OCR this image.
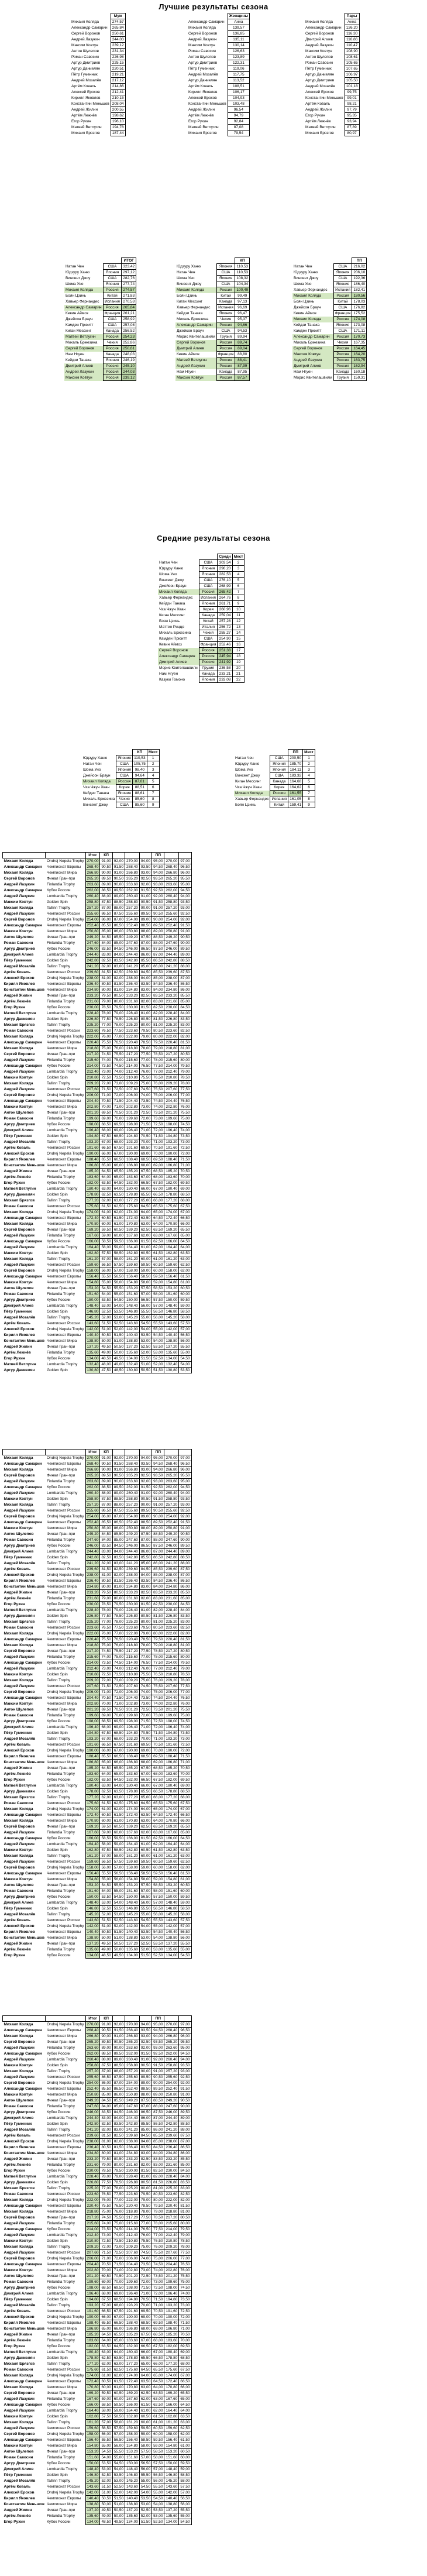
Лучшие результаты сезона
	Муж
Михаил Коляда	274,57
Александр Самарин	265,84
Сергей Воронов	250,61
Андрей Лазукин	244,03
Максим Ковтун	239,12
Антон Шулепов	231,34
Роман Савосин	226,98
Артур Дмитриев	225,15
Артур Даниелян	220,51
Пётр Гуменник	219,21
Андрей Мозалёв	217,12
Артём Коваль	214,86
Алексей Ерохов	212,41
Кирилл Яковлев	210,15
Константин Меньшов	208,04
Андрей Жилин	200,55
Артём Лежнёв	198,62
Егор Рухин	196,10
Матвей Ветлугин	194,78
Михаил Брязгов	187,44
	Женщины
Александр Самарин	Анна
Михаил Коляда	139,57
Сергей Воронов	136,85
Андрей Лазукин	135,11
Максим Ковтун	130,14
Роман Савосин	126,63
Антон Шулепов	123,89
Артур Дмитриев	122,31
Пётр Гуменник	119,06
Андрей Мозалёв	117,75
Артур Даниелян	113,52
Артём Коваль	108,51
Кирилл Яковлев	106,17
Алексей Ерохов	104,93
Константин Меньшов	103,48
Андрей Жилин	96,54
Артём Лежнёв	94,79
Егор Рухин	92,84
Матвей Ветлугин	87,08
Михаил Брязгов	79,54
	Пары
Михаил Коляда	Анна
Александр Самарин	126,20
Сергей Воронов	116,30
Дмитрий Алиев	116,86
Андрей Лазукин	110,47
Максим Ковтун	108,90
Антон Шулепов	108,61
Роман Савосин	105,65
Пётр Гуменник	107,65
Артур Даниелян	106,97
Артур Дмитриев	105,50
Андрей Мозалёв	101,18
Алексей Ерохов	99,75
Константин Меньшов	99,01
Артём Коваль	98,21
Андрей Жилин	97,79
Егор Рухин	95,35
Артём Лежнёв	93,94
Матвей Ветлугин	87,89
Михаил Брязгов	80,97
		ИТОГ
Натан Чен	США	323,42
Юдзуру Ханю	Япония	297,12
Винсент Джоу	США	282,76
Шома Уно	Япония	277,74
Михаил Коляда	Россия	274,57
Боян Цзинь	Китай	271,83
Хавьер Фернандес	Испания	270,53
Александр Самарин	Россия	265,84
Кевин Аймоз	Франция	261,21
Джейсон Браун	США	258,92
Камден Прюитт	США	257,08
Киган Мессинг	Канада	256,52
Матвей Ветлугин	Россия	254,23
Михаль Бржезина	Чехия	252,86
Сергей Воронов	Россия	250,61
Нам Нгуен	Канада	248,03
Кейдзи Танака	Япония	246,19
Дмитрий Алиев	Россия	245,10
Андрей Лазукин	Россия	244,03
Максим Ковтун	Россия	239,12
		КП
Юдзуру Ханю	Япония	110,53
Натан Чен	США	110,53
Шома Уно	Япония	108,32
Винсент Джоу	США	104,34
Михаил Коляда	Россия	100,49
Боян Цзинь	Китай	99,49
Киган Мессинг	Канада	97,13
Хавьер Фернандес	Испания	96,69
Кейдзи Танака	Япония	96,47
Михаль Бржезина	Чехия	95,37
Александр Самарин	Россия	94,66
Джейсон Браун	США	94,53
Морис Квителашвили	Грузия	89,94
Сергей Воронов	Россия	89,74
Дмитрий Алиев	Россия	89,04
Кевин Аймоз	Франция	88,80
Матвей Ветлугин	Россия	88,41
Андрей Лазукин	Россия	87,99
Нам Нгуен	Канада	87,95
Максим Ковтун	Россия	87,57
		ПП
Натан Чен	США	216,02
Юдзуру Ханю	Япония	206,10
Винсент Джоу	США	192,36
Шома Уно	Япония	186,40
Хавьер Фернандес	Испания	182,41
Михаил Коляда	Россия	180,56
Боян Цзинь	Китай	178,03
Джейсон Браун	США	176,82
Кевин Аймоз	Франция	175,52
Михаил Коляда	Россия	174,08
Кейдзи Танака	Япония	173,08
Камден Прюитт	США	171,11
Александр Самарин	Россия	170,73
Михаль Бржезина	Чехия	167,35
Сергей Воронов	Россия	164,45
Максим Ковтун	Россия	164,20
Андрей Лазукин	Россия	163,75
Дмитрий Алиев	Россия	162,94
Нам Нгуен	Канада	160,18
Морис Квителашвили	Грузия	159,31
Средние результаты сезона
		Средн	Мест
Натан Чен	США	303,54	2
Юдзуру Ханю	Япония	296,20	3
Шома Уно	Япония	282,53	4
Винсент Джоу	США	276,10	5
Джейсон Браун	США	268,99	6
Михаил Коляда	Россия	265,42	7
Хавьер Фернандес	Испания	264,76	8
Кейдзи Танака	Япония	261,71	9
Чха Чжун Хван	Корея	260,96	10
Киган Мессинг	Канада	259,04	11
Боян Цзинь	Китай	257,28	12
Маттео Риццо	Италия	256,72	13
Михаль Бржезина	Чехия	255,27	14
Камден Прюитт	США	254,90	15
Кевин Аймоз	Франция	252,46	16
Сергей Воронов	Россия	251,38	17
Александр Самарин	Россия	245,94	18
Дмитрий Алиев	Россия	241,92	19
Морис Квителашвили	Грузия	236,58	20
Нам Нгуен	Канада	233,21	21
Казуки Томоно	Япония	233,08	22
		КП	Мест
Юдзуру Ханю	Япония	110,53	1
Натан Чен	США	105,75	2
Шома Уно	Япония	98,40	3
Джейсон Браун	США	94,64	4
Михаил Коляда	Россия	87,01	5
Чха Чжун Хван	Корея	88,51	6
Кейдзи Танака	Япония	88,61	7
Михаль Бржезина	Чехия	85,60	8
Винсент Джоу	США	85,60	9
		ПП	Мест
Натан Чен	США	200,50	1
Юдзуру Ханю	Япония	185,70	2
Шома Уно	Япония	184,11	3
Винсент Джоу	США	183,32	4
Киган Мессинг	Канада	164,68	5
Чха Чжун Хван	Корея	164,62	6
Михаил Коляда	Россия	161,55	7
Хавьер Фернандес	Испания	161,05	8
Боян Цзинь	Китай	159,41	9
		Итог	КП				ПП		
Михаил Коляда	Ondrej Nepela Trophy	270,00	91,00	92,00	270,00	94,00	95,00	270,00	97,00
Александр Самарин	Чемпионат Европы	268,40	90,50	91,50	268,40	93,50	94,50	268,40	96,50
Михаил Коляда	Чемпионат Мира	266,80	90,00	91,00	266,80	93,00	94,00	266,80	96,00
Сергей Воронов	Финал Гран-при	265,20	89,50	90,50	265,20	92,50	93,50	265,20	95,50
Андрей Лазукин	Finlandia Trophy	263,60	89,00	90,00	263,60	92,00	93,00	263,60	95,00
Александр Самарин	Кубок России	262,00	88,50	89,50	262,00	91,50	92,50	262,00	94,50
Андрей Лазукин	Lombardia Trophy	260,40	88,00	89,00	260,40	91,00	92,00	260,40	94,00
Максим Ковтун	Golden Spin	258,80	87,50	88,50	258,80	90,50	91,50	258,80	93,50
Михаил Коляда	Tallinn Trophy	257,20	87,00	88,00	257,20	90,00	91,00	257,20	93,00
Андрей Лазукин	Чемпионат России	255,60	86,50	87,50	255,60	89,50	90,50	255,60	92,50
Сергей Воронов	Ondrej Nepela Trophy	254,00	86,00	87,00	254,00	89,00	90,00	254,00	92,00
Александр Самарин	Чемпионат Европы	252,40	85,50	86,50	252,40	88,50	89,50	252,40	91,50
Максим Ковтун	Чемпионат Мира	250,80	85,00	86,00	250,80	88,00	89,00	250,80	91,00
Антон Шулепов	Финал Гран-при	249,20	84,50	85,50	249,20	87,50	88,50	249,20	90,50
Роман Савосин	Finlandia Trophy	247,60	84,00	85,00	247,60	87,00	88,00	247,60	90,00
Артур Дмитриев	Кубок России	246,00	83,50	84,50	246,00	86,50	87,50	246,00	89,50
Дмитрий Алиев	Lombardia Trophy	244,40	83,00	84,00	244,40	86,00	87,00	244,40	89,00
Пётр Гуменник	Golden Spin	242,80	82,50	83,50	242,80	85,50	86,50	242,80	88,50
Андрей Мозалёв	Tallinn Trophy	241,20	82,00	83,00	241,20	85,00	86,00	241,20	88,00
Артём Коваль	Чемпионат России	239,60	81,50	82,50	239,60	84,50	85,50	239,60	87,50
Алексей Ерохов	Ondrej Nepela Trophy	238,00	81,00	82,00	238,00	84,00	85,00	238,00	87,00
Кирилл Яковлев	Чемпионат Европы	236,40	80,50	81,50	236,40	83,50	84,50	236,40	86,50
Константин Меньшов	Чемпионат Мира	234,80	80,00	81,00	234,80	83,00	84,00	234,80	86,00
Андрей Жилин	Финал Гран-при	233,20	79,50	80,50	233,20	82,50	83,50	233,20	85,50
Артём Лежнёв	Finlandia Trophy	231,60	79,00	80,00	231,60	82,00	83,00	231,60	85,00
Егор Рухин	Кубок России	230,00	78,50	79,50	230,00	81,50	82,50	230,00	84,50
Матвей Ветлугин	Lombardia Trophy	228,40	78,00	79,00	228,40	81,00	82,00	228,40	84,00
Артур Даниелян	Golden Spin	226,80	77,50	78,50	226,80	80,50	81,50	226,80	83,50
Михаил Брязгов	Tallinn Trophy	225,20	77,00	78,00	225,20	80,00	81,00	225,20	83,00
Роман Савосин	Чемпионат России	223,60	76,50	77,50	223,60	79,50	80,50	223,60	82,50
Михаил Коляда	Ondrej Nepela Trophy	222,00	76,00	77,00	222,00	79,00	80,00	222,00	82,00
Александр Самарин	Чемпионат Европы	220,40	75,50	76,50	220,40	78,50	79,50	220,40	81,50
Михаил Коляда	Чемпионат Мира	218,80	75,00	76,00	218,80	78,00	79,00	218,80	81,00
Сергей Воронов	Финал Гран-при	217,20	74,50	75,50	217,20	77,50	78,50	217,20	80,50
Андрей Лазукин	Finlandia Trophy	215,60	74,00	75,00	215,60	77,00	78,00	215,60	80,00
Александр Самарин	Кубок России	214,00	73,50	74,50	214,00	76,50	77,50	214,00	79,50
Андрей Лазукин	Lombardia Trophy	212,40	73,00	74,00	212,40	76,00	77,00	212,40	79,00
Максим Ковтун	Golden Spin	210,80	72,50	73,50	210,80	75,50	76,50	210,80	78,50
Михаил Коляда	Tallinn Trophy	209,20	72,00	73,00	209,20	75,00	76,00	209,20	78,00
Андрей Лазукин	Чемпионат России	207,60	71,50	72,50	207,60	74,50	75,50	207,60	77,50
Сергей Воронов	Ondrej Nepela Trophy	206,00	71,00	72,00	206,00	74,00	75,00	206,00	77,00
Александр Самарин	Чемпионат Европы	204,40	70,50	71,50	204,40	73,50	74,50	204,40	76,50
Максим Ковтун	Чемпионат Мира	202,80	70,00	71,00	202,80	73,00	74,00	202,80	76,00
Антон Шулепов	Финал Гран-при	201,20	69,50	70,50	201,20	72,50	73,50	201,20	75,50
Роман Савосин	Finlandia Trophy	199,60	69,00	70,00	199,60	72,00	73,00	199,60	75,00
Артур Дмитриев	Кубок России	198,00	68,50	69,50	198,00	71,50	72,50	198,00	74,50
Дмитрий Алиев	Lombardia Trophy	196,40	68,00	69,00	196,40	71,00	72,00	196,40	74,00
Пётр Гуменник	Golden Spin	194,80	67,50	68,50	194,80	70,50	71,50	194,80	73,50
Андрей Мозалёв	Tallinn Trophy	193,20	67,00	68,00	193,20	70,00	71,00	193,20	73,00
Артём Коваль	Чемпионат России	191,60	66,50	67,50	191,60	69,50	70,50	191,60	72,50
Алексей Ерохов	Ondrej Nepela Trophy	190,00	66,00	67,00	190,00	69,00	70,00	190,00	72,00
Кирилл Яковлев	Чемпионат Европы	188,40	65,50	66,50	188,40	68,50	69,50	188,40	71,50
Константин Меньшов	Чемпионат Мира	186,80	65,00	66,00	186,80	68,00	69,00	186,80	71,00
Андрей Жилин	Финал Гран-при	185,20	64,50	65,50	185,20	67,50	68,50	185,20	70,50
Артём Лежнёв	Finlandia Trophy	183,60	64,00	65,00	183,60	67,00	68,00	183,60	70,00
Егор Рухин	Кубок России	182,00	63,50	64,50	182,00	66,50	67,50	182,00	69,50
Матвей Ветлугин	Lombardia Trophy	180,40	63,00	64,00	180,40	66,00	67,00	180,40	69,00
Артур Даниелян	Golden Spin	178,80	62,50	63,50	178,80	65,50	66,50	178,80	68,50
Михаил Брязгов	Tallinn Trophy	177,20	62,00	63,00	177,20	65,00	66,00	177,20	68,00
Роман Савосин	Чемпионат России	175,60	61,50	62,50	175,60	64,50	65,50	175,60	67,50
Михаил Коляда	Ondrej Nepela Trophy	174,00	61,00	62,00	174,00	64,00	65,00	174,00	67,00
Александр Самарин	Чемпионат Европы	172,40	60,50	61,50	172,40	63,50	64,50	172,40	66,50
Михаил Коляда	Чемпионат Мира	170,80	60,00	61,00	170,80	63,00	64,00	170,80	66,00
Сергей Воронов	Финал Гран-при	169,20	59,50	60,50	169,20	62,50	63,50	169,20	65,50
Андрей Лазукин	Finlandia Trophy	167,60	59,00	60,00	167,60	62,00	63,00	167,60	65,00
Александр Самарин	Кубок России	166,00	58,50	59,50	166,00	61,50	62,50	166,00	64,50
Андрей Лазукин	Lombardia Trophy	164,40	58,00	59,00	164,40	61,00	62,00	164,40	64,00
Максим Ковтун	Golden Spin	162,80	57,50	58,50	162,80	60,50	61,50	162,80	63,50
Михаил Коляда	Tallinn Trophy	161,20	57,00	58,00	161,20	60,00	61,00	161,20	63,00
Андрей Лазукин	Чемпионат России	159,60	56,50	57,50	159,60	59,50	60,50	159,60	62,50
Сергей Воронов	Ondrej Nepela Trophy	158,00	56,00	57,00	158,00	59,00	60,00	158,00	62,00
Александр Самарин	Чемпионат Европы	156,40	55,50	56,50	156,40	58,50	59,50	156,40	61,50
Максим Ковтун	Чемпионат Мира	154,80	55,00	56,00	154,80	58,00	59,00	154,80	61,00
Антон Шулепов	Финал Гран-при	153,20	54,50	55,50	153,20	57,50	58,50	153,20	60,50
Роман Савосин	Finlandia Trophy	151,60	54,00	55,00	151,60	57,00	58,00	151,60	60,00
Артур Дмитриев	Кубок России	150,00	53,50	54,50	150,00	56,50	57,50	150,00	59,50
Дмитрий Алиев	Lombardia Trophy	148,40	53,00	54,00	148,40	56,00	57,00	148,40	59,00
Пётр Гуменник	Golden Spin	146,80	52,50	53,50	146,80	55,50	56,50	146,80	58,50
Андрей Мозалёв	Tallinn Trophy	145,20	52,00	53,00	145,20	55,00	56,00	145,20	58,00
Артём Коваль	Чемпионат России	143,60	51,50	52,50	143,60	54,50	55,50	143,60	57,50
Алексей Ерохов	Ondrej Nepela Trophy	142,00	51,00	52,00	142,00	54,00	55,00	142,00	57,00
Кирилл Яковлев	Чемпионат Европы	140,40	50,50	51,50	140,40	53,50	54,50	140,40	56,50
Константин Меньшов	Чемпионат Мира	138,80	50,00	51,00	138,80	53,00	54,00	138,80	56,00
Андрей Жилин	Финал Гран-при	137,20	49,50	50,50	137,20	52,50	53,50	137,20	55,50
Артём Лежнёв	Finlandia Trophy	135,60	49,00	50,00	135,60	52,00	53,00	135,60	55,00
Егор Рухин	Кубок России	134,00	48,50	49,50	134,00	51,50	52,50	134,00	54,50
Матвей Ветлугин	Lombardia Trophy	132,40	48,00	49,00	132,40	51,00	52,00	132,40	54,00
Артур Даниелян	Golden Spin	130,80	47,50	48,50	130,80	50,50	51,50	130,80	53,50
		Итог	КП				ПП		
Михаил Коляда	Ondrej Nepela Trophy	270,00	91,00	92,00	270,00	94,00	95,00	270,00	97,00
Александр Самарин	Чемпионат Европы	268,40	90,50	91,50	268,40	93,50	94,50	268,40	96,50
Михаил Коляда	Чемпионат Мира	266,80	90,00	91,00	266,80	93,00	94,00	266,80	96,00
Сергей Воронов	Финал Гран-при	265,20	89,50	90,50	265,20	92,50	93,50	265,20	95,50
Андрей Лазукин	Finlandia Trophy	263,60	89,00	90,00	263,60	92,00	93,00	263,60	95,00
Александр Самарин	Кубок России	262,00	88,50	89,50	262,00	91,50	92,50	262,00	94,50
Андрей Лазукин	Lombardia Trophy	260,40	88,00	89,00	260,40	91,00	92,00	260,40	94,00
Максим Ковтун	Golden Spin	258,80	87,50	88,50	258,80	90,50	91,50	258,80	93,50
Михаил Коляда	Tallinn Trophy	257,20	87,00	88,00	257,20	90,00	91,00	257,20	93,00
Андрей Лазукин	Чемпионат России	255,60	86,50	87,50	255,60	89,50	90,50	255,60	92,50
Сергей Воронов	Ondrej Nepela Trophy	254,00	86,00	87,00	254,00	89,00	90,00	254,00	92,00
Александр Самарин	Чемпионат Европы	252,40	85,50	86,50	252,40	88,50	89,50	252,40	91,50
Максим Ковтун	Чемпионат Мира	250,80	85,00	86,00	250,80	88,00	89,00	250,80	91,00
Антон Шулепов	Финал Гран-при	249,20	84,50	85,50	249,20	87,50	88,50	249,20	90,50
Роман Савосин	Finlandia Trophy	247,60	84,00	85,00	247,60	87,00	88,00	247,60	90,00
Артур Дмитриев	Кубок России	246,00	83,50	84,50	246,00	86,50	87,50	246,00	89,50
Дмитрий Алиев	Lombardia Trophy	244,40	83,00	84,00	244,40	86,00	87,00	244,40	89,00
Пётр Гуменник	Golden Spin	242,80	82,50	83,50	242,80	85,50	86,50	242,80	88,50
Андрей Мозалёв	Tallinn Trophy	241,20	82,00	83,00	241,20	85,00	86,00	241,20	88,00
Артём Коваль	Чемпионат России	239,60	81,50	82,50	239,60	84,50	85,50	239,60	87,50
Алексей Ерохов	Ondrej Nepela Trophy	238,00	81,00	82,00	238,00	84,00	85,00	238,00	87,00
Кирилл Яковлев	Чемпионат Европы	236,40	80,50	81,50	236,40	83,50	84,50	236,40	86,50
Константин Меньшов	Чемпионат Мира	234,80	80,00	81,00	234,80	83,00	84,00	234,80	86,00
Андрей Жилин	Финал Гран-при	233,20	79,50	80,50	233,20	82,50	83,50	233,20	85,50
Артём Лежнёв	Finlandia Trophy	231,60	79,00	80,00	231,60	82,00	83,00	231,60	85,00
Егор Рухин	Кубок России	230,00	78,50	79,50	230,00	81,50	82,50	230,00	84,50
Матвей Ветлугин	Lombardia Trophy	228,40	78,00	79,00	228,40	81,00	82,00	228,40	84,00
Артур Даниелян	Golden Spin	226,80	77,50	78,50	226,80	80,50	81,50	226,80	83,50
Михаил Брязгов	Tallinn Trophy	225,20	77,00	78,00	225,20	80,00	81,00	225,20	83,00
Роман Савосин	Чемпионат России	223,60	76,50	77,50	223,60	79,50	80,50	223,60	82,50
Михаил Коляда	Ondrej Nepela Trophy	222,00	76,00	77,00	222,00	79,00	80,00	222,00	82,00
Александр Самарин	Чемпионат Европы	220,40	75,50	76,50	220,40	78,50	79,50	220,40	81,50
Михаил Коляда	Чемпионат Мира	218,80	75,00	76,00	218,80	78,00	79,00	218,80	81,00
Сергей Воронов	Финал Гран-при	217,20	74,50	75,50	217,20	77,50	78,50	217,20	80,50
Андрей Лазукин	Finlandia Trophy	215,60	74,00	75,00	215,60	77,00	78,00	215,60	80,00
Александр Самарин	Кубок России	214,00	73,50	74,50	214,00	76,50	77,50	214,00	79,50
Андрей Лазукин	Lombardia Trophy	212,40	73,00	74,00	212,40	76,00	77,00	212,40	79,00
Максим Ковтун	Golden Spin	210,80	72,50	73,50	210,80	75,50	76,50	210,80	78,50
Михаил Коляда	Tallinn Trophy	209,20	72,00	73,00	209,20	75,00	76,00	209,20	78,00
Андрей Лазукин	Чемпионат России	207,60	71,50	72,50	207,60	74,50	75,50	207,60	77,50
Сергей Воронов	Ondrej Nepela Trophy	206,00	71,00	72,00	206,00	74,00	75,00	206,00	77,00
Александр Самарин	Чемпионат Европы	204,40	70,50	71,50	204,40	73,50	74,50	204,40	76,50
Максим Ковтун	Чемпионат Мира	202,80	70,00	71,00	202,80	73,00	74,00	202,80	76,00
Антон Шулепов	Финал Гран-при	201,20	69,50	70,50	201,20	72,50	73,50	201,20	75,50
Роман Савосин	Finlandia Trophy	199,60	69,00	70,00	199,60	72,00	73,00	199,60	75,00
Артур Дмитриев	Кубок России	198,00	68,50	69,50	198,00	71,50	72,50	198,00	74,50
Дмитрий Алиев	Lombardia Trophy	196,40	68,00	69,00	196,40	71,00	72,00	196,40	74,00
Пётр Гуменник	Golden Spin	194,80	67,50	68,50	194,80	70,50	71,50	194,80	73,50
Андрей Мозалёв	Tallinn Trophy	193,20	67,00	68,00	193,20	70,00	71,00	193,20	73,00
Артём Коваль	Чемпионат России	191,60	66,50	67,50	191,60	69,50	70,50	191,60	72,50
Алексей Ерохов	Ondrej Nepela Trophy	190,00	66,00	67,00	190,00	69,00	70,00	190,00	72,00
Кирилл Яковлев	Чемпионат Европы	188,40	65,50	66,50	188,40	68,50	69,50	188,40	71,50
Константин Меньшов	Чемпионат Мира	186,80	65,00	66,00	186,80	68,00	69,00	186,80	71,00
Андрей Жилин	Финал Гран-при	185,20	64,50	65,50	185,20	67,50	68,50	185,20	70,50
Артём Лежнёв	Finlandia Trophy	183,60	64,00	65,00	183,60	67,00	68,00	183,60	70,00
Егор Рухин	Кубок России	182,00	63,50	64,50	182,00	66,50	67,50	182,00	69,50
Матвей Ветлугин	Lombardia Trophy	180,40	63,00	64,00	180,40	66,00	67,00	180,40	69,00
Артур Даниелян	Golden Spin	178,80	62,50	63,50	178,80	65,50	66,50	178,80	68,50
Михаил Брязгов	Tallinn Trophy	177,20	62,00	63,00	177,20	65,00	66,00	177,20	68,00
Роман Савосин	Чемпионат России	175,60	61,50	62,50	175,60	64,50	65,50	175,60	67,50
Михаил Коляда	Ondrej Nepela Trophy	174,00	61,00	62,00	174,00	64,00	65,00	174,00	67,00
Александр Самарин	Чемпионат Европы	172,40	60,50	61,50	172,40	63,50	64,50	172,40	66,50
Михаил Коляда	Чемпионат Мира	170,80	60,00	61,00	170,80	63,00	64,00	170,80	66,00
Сергей Воронов	Финал Гран-при	169,20	59,50	60,50	169,20	62,50	63,50	169,20	65,50
Андрей Лазукин	Finlandia Trophy	167,60	59,00	60,00	167,60	62,00	63,00	167,60	65,00
Александр Самарин	Кубок России	166,00	58,50	59,50	166,00	61,50	62,50	166,00	64,50
Андрей Лазукин	Lombardia Trophy	164,40	58,00	59,00	164,40	61,00	62,00	164,40	64,00
Максим Ковтун	Golden Spin	162,80	57,50	58,50	162,80	60,50	61,50	162,80	63,50
Михаил Коляда	Tallinn Trophy	161,20	57,00	58,00	161,20	60,00	61,00	161,20	63,00
Андрей Лазукин	Чемпионат России	159,60	56,50	57,50	159,60	59,50	60,50	159,60	62,50
Сергей Воронов	Ondrej Nepela Trophy	158,00	56,00	57,00	158,00	59,00	60,00	158,00	62,00
Александр Самарин	Чемпионат Европы	156,40	55,50	56,50	156,40	58,50	59,50	156,40	61,50
Максим Ковтун	Чемпионат Мира	154,80	55,00	56,00	154,80	58,00	59,00	154,80	61,00
Антон Шулепов	Финал Гран-при	153,20	54,50	55,50	153,20	57,50	58,50	153,20	60,50
Роман Савосин	Finlandia Trophy	151,60	54,00	55,00	151,60	57,00	58,00	151,60	60,00
Артур Дмитриев	Кубок России	150,00	53,50	54,50	150,00	56,50	57,50	150,00	59,50
Дмитрий Алиев	Lombardia Trophy	148,40	53,00	54,00	148,40	56,00	57,00	148,40	59,00
Пётр Гуменник	Golden Spin	146,80	52,50	53,50	146,80	55,50	56,50	146,80	58,50
Андрей Мозалёв	Tallinn Trophy	145,20	52,00	53,00	145,20	55,00	56,00	145,20	58,00
Артём Коваль	Чемпионат России	143,60	51,50	52,50	143,60	54,50	55,50	143,60	57,50
Алексей Ерохов	Ondrej Nepela Trophy	142,00	51,00	52,00	142,00	54,00	55,00	142,00	57,00
Кирилл Яковлев	Чемпионат Европы	140,40	50,50	51,50	140,40	53,50	54,50	140,40	56,50
Константин Меньшов	Чемпионат Мира	138,80	50,00	51,00	138,80	53,00	54,00	138,80	56,00
Андрей Жилин	Финал Гран-при	137,20	49,50	50,50	137,20	52,50	53,50	137,20	55,50
Артём Лежнёв	Finlandia Trophy	135,60	49,00	50,00	135,60	52,00	53,00	135,60	55,00
Егор Рухин	Кубок России	134,00	48,50	49,50	134,00	51,50	52,50	134,00	54,50
		Итог	КП				ПП		
Михаил Коляда	Ondrej Nepela Trophy	270,00	91,00	92,00	270,00	94,00	95,00	270,00	97,00
Александр Самарин	Чемпионат Европы	268,40	90,50	91,50	268,40	93,50	94,50	268,40	96,50
Михаил Коляда	Чемпионат Мира	266,80	90,00	91,00	266,80	93,00	94,00	266,80	96,00
Сергей Воронов	Финал Гран-при	265,20	89,50	90,50	265,20	92,50	93,50	265,20	95,50
Андрей Лазукин	Finlandia Trophy	263,60	89,00	90,00	263,60	92,00	93,00	263,60	95,00
Александр Самарин	Кубок России	262,00	88,50	89,50	262,00	91,50	92,50	262,00	94,50
Андрей Лазукин	Lombardia Trophy	260,40	88,00	89,00	260,40	91,00	92,00	260,40	94,00
Максим Ковтун	Golden Spin	258,80	87,50	88,50	258,80	90,50	91,50	258,80	93,50
Михаил Коляда	Tallinn Trophy	257,20	87,00	88,00	257,20	90,00	91,00	257,20	93,00
Андрей Лазукин	Чемпионат России	255,60	86,50	87,50	255,60	89,50	90,50	255,60	92,50
Сергей Воронов	Ondrej Nepela Trophy	254,00	86,00	87,00	254,00	89,00	90,00	254,00	92,00
Александр Самарин	Чемпионат Европы	252,40	85,50	86,50	252,40	88,50	89,50	252,40	91,50
Максим Ковтун	Чемпионат Мира	250,80	85,00	86,00	250,80	88,00	89,00	250,80	91,00
Антон Шулепов	Финал Гран-при	249,20	84,50	85,50	249,20	87,50	88,50	249,20	90,50
Роман Савосин	Finlandia Trophy	247,60	84,00	85,00	247,60	87,00	88,00	247,60	90,00
Артур Дмитриев	Кубок России	246,00	83,50	84,50	246,00	86,50	87,50	246,00	89,50
Дмитрий Алиев	Lombardia Trophy	244,40	83,00	84,00	244,40	86,00	87,00	244,40	89,00
Пётр Гуменник	Golden Spin	242,80	82,50	83,50	242,80	85,50	86,50	242,80	88,50
Андрей Мозалёв	Tallinn Trophy	241,20	82,00	83,00	241,20	85,00	86,00	241,20	88,00
Артём Коваль	Чемпионат России	239,60	81,50	82,50	239,60	84,50	85,50	239,60	87,50
Алексей Ерохов	Ondrej Nepela Trophy	238,00	81,00	82,00	238,00	84,00	85,00	238,00	87,00
Кирилл Яковлев	Чемпионат Европы	236,40	80,50	81,50	236,40	83,50	84,50	236,40	86,50
Константин Меньшов	Чемпионат Мира	234,80	80,00	81,00	234,80	83,00	84,00	234,80	86,00
Андрей Жилин	Финал Гран-при	233,20	79,50	80,50	233,20	82,50	83,50	233,20	85,50
Артём Лежнёв	Finlandia Trophy	231,60	79,00	80,00	231,60	82,00	83,00	231,60	85,00
Егор Рухин	Кубок России	230,00	78,50	79,50	230,00	81,50	82,50	230,00	84,50
Матвей Ветлугин	Lombardia Trophy	228,40	78,00	79,00	228,40	81,00	82,00	228,40	84,00
Артур Даниелян	Golden Spin	226,80	77,50	78,50	226,80	80,50	81,50	226,80	83,50
Михаил Брязгов	Tallinn Trophy	225,20	77,00	78,00	225,20	80,00	81,00	225,20	83,00
Роман Савосин	Чемпионат России	223,60	76,50	77,50	223,60	79,50	80,50	223,60	82,50
Михаил Коляда	Ondrej Nepela Trophy	222,00	76,00	77,00	222,00	79,00	80,00	222,00	82,00
Александр Самарин	Чемпионат Европы	220,40	75,50	76,50	220,40	78,50	79,50	220,40	81,50
Михаил Коляда	Чемпионат Мира	218,80	75,00	76,00	218,80	78,00	79,00	218,80	81,00
Сергей Воронов	Финал Гран-при	217,20	74,50	75,50	217,20	77,50	78,50	217,20	80,50
Андрей Лазукин	Finlandia Trophy	215,60	74,00	75,00	215,60	77,00	78,00	215,60	80,00
Александр Самарин	Кубок России	214,00	73,50	74,50	214,00	76,50	77,50	214,00	79,50
Андрей Лазукин	Lombardia Trophy	212,40	73,00	74,00	212,40	76,00	77,00	212,40	79,00
Максим Ковтун	Golden Spin	210,80	72,50	73,50	210,80	75,50	76,50	210,80	78,50
Михаил Коляда	Tallinn Trophy	209,20	72,00	73,00	209,20	75,00	76,00	209,20	78,00
Андрей Лазукин	Чемпионат России	207,60	71,50	72,50	207,60	74,50	75,50	207,60	77,50
Сергей Воронов	Ondrej Nepela Trophy	206,00	71,00	72,00	206,00	74,00	75,00	206,00	77,00
Александр Самарин	Чемпионат Европы	204,40	70,50	71,50	204,40	73,50	74,50	204,40	76,50
Максим Ковтун	Чемпионат Мира	202,80	70,00	71,00	202,80	73,00	74,00	202,80	76,00
Антон Шулепов	Финал Гран-при	201,20	69,50	70,50	201,20	72,50	73,50	201,20	75,50
Роман Савосин	Finlandia Trophy	199,60	69,00	70,00	199,60	72,00	73,00	199,60	75,00
Артур Дмитриев	Кубок России	198,00	68,50	69,50	198,00	71,50	72,50	198,00	74,50
Дмитрий Алиев	Lombardia Trophy	196,40	68,00	69,00	196,40	71,00	72,00	196,40	74,00
Пётр Гуменник	Golden Spin	194,80	67,50	68,50	194,80	70,50	71,50	194,80	73,50
Андрей Мозалёв	Tallinn Trophy	193,20	67,00	68,00	193,20	70,00	71,00	193,20	73,00
Артём Коваль	Чемпионат России	191,60	66,50	67,50	191,60	69,50	70,50	191,60	72,50
Алексей Ерохов	Ondrej Nepela Trophy	190,00	66,00	67,00	190,00	69,00	70,00	190,00	72,00
Кирилл Яковлев	Чемпионат Европы	188,40	65,50	66,50	188,40	68,50	69,50	188,40	71,50
Константин Меньшов	Чемпионат Мира	186,80	65,00	66,00	186,80	68,00	69,00	186,80	71,00
Андрей Жилин	Финал Гран-при	185,20	64,50	65,50	185,20	67,50	68,50	185,20	70,50
Артём Лежнёв	Finlandia Trophy	183,60	64,00	65,00	183,60	67,00	68,00	183,60	70,00
Егор Рухин	Кубок России	182,00	63,50	64,50	182,00	66,50	67,50	182,00	69,50
Матвей Ветлугин	Lombardia Trophy	180,40	63,00	64,00	180,40	66,00	67,00	180,40	69,00
Артур Даниелян	Golden Spin	178,80	62,50	63,50	178,80	65,50	66,50	178,80	68,50
Михаил Брязгов	Tallinn Trophy	177,20	62,00	63,00	177,20	65,00	66,00	177,20	68,00
Роман Савосин	Чемпионат России	175,60	61,50	62,50	175,60	64,50	65,50	175,60	67,50
Михаил Коляда	Ondrej Nepela Trophy	174,00	61,00	62,00	174,00	64,00	65,00	174,00	67,00
Александр Самарин	Чемпионат Европы	172,40	60,50	61,50	172,40	63,50	64,50	172,40	66,50
Михаил Коляда	Чемпионат Мира	170,80	60,00	61,00	170,80	63,00	64,00	170,80	66,00
Сергей Воронов	Финал Гран-при	169,20	59,50	60,50	169,20	62,50	63,50	169,20	65,50
Андрей Лазукин	Finlandia Trophy	167,60	59,00	60,00	167,60	62,00	63,00	167,60	65,00
Александр Самарин	Кубок России	166,00	58,50	59,50	166,00	61,50	62,50	166,00	64,50
Андрей Лазукин	Lombardia Trophy	164,40	58,00	59,00	164,40	61,00	62,00	164,40	64,00
Максим Ковтун	Golden Spin	162,80	57,50	58,50	162,80	60,50	61,50	162,80	63,50
Михаил Коляда	Tallinn Trophy	161,20	57,00	58,00	161,20	60,00	61,00	161,20	63,00
Андрей Лазукин	Чемпионат России	159,60	56,50	57,50	159,60	59,50	60,50	159,60	62,50
Сергей Воронов	Ondrej Nepela Trophy	158,00	56,00	57,00	158,00	59,00	60,00	158,00	62,00
Александр Самарин	Чемпионат Европы	156,40	55,50	56,50	156,40	58,50	59,50	156,40	61,50
Максим Ковтун	Чемпионат Мира	154,80	55,00	56,00	154,80	58,00	59,00	154,80	61,00
Антон Шулепов	Финал Гран-при	153,20	54,50	55,50	153,20	57,50	58,50	153,20	60,50
Роман Савосин	Finlandia Trophy	151,60	54,00	55,00	151,60	57,00	58,00	151,60	60,00
Артур Дмитриев	Кубок России	150,00	53,50	54,50	150,00	56,50	57,50	150,00	59,50
Дмитрий Алиев	Lombardia Trophy	148,40	53,00	54,00	148,40	56,00	57,00	148,40	59,00
Пётр Гуменник	Golden Spin	146,80	52,50	53,50	146,80	55,50	56,50	146,80	58,50
Андрей Мозалёв	Tallinn Trophy	145,20	52,00	53,00	145,20	55,00	56,00	145,20	58,00
Артём Коваль	Чемпионат России	143,60	51,50	52,50	143,60	54,50	55,50	143,60	57,50
Алексей Ерохов	Ondrej Nepela Trophy	142,00	51,00	52,00	142,00	54,00	55,00	142,00	57,00
Кирилл Яковлев	Чемпионат Европы	140,40	50,50	51,50	140,40	53,50	54,50	140,40	56,50
Константин Меньшов	Чемпионат Мира	138,80	50,00	51,00	138,80	53,00	54,00	138,80	56,00
Андрей Жилин	Финал Гран-при	137,20	49,50	50,50	137,20	52,50	53,50	137,20	55,50
Артём Лежнёв	Finlandia Trophy	135,60	49,00	50,00	135,60	52,00	53,00	135,60	55,00
Егор Рухин	Кубок России	134,00	48,50	49,50	134,00	51,50	52,50	134,00	54,50
